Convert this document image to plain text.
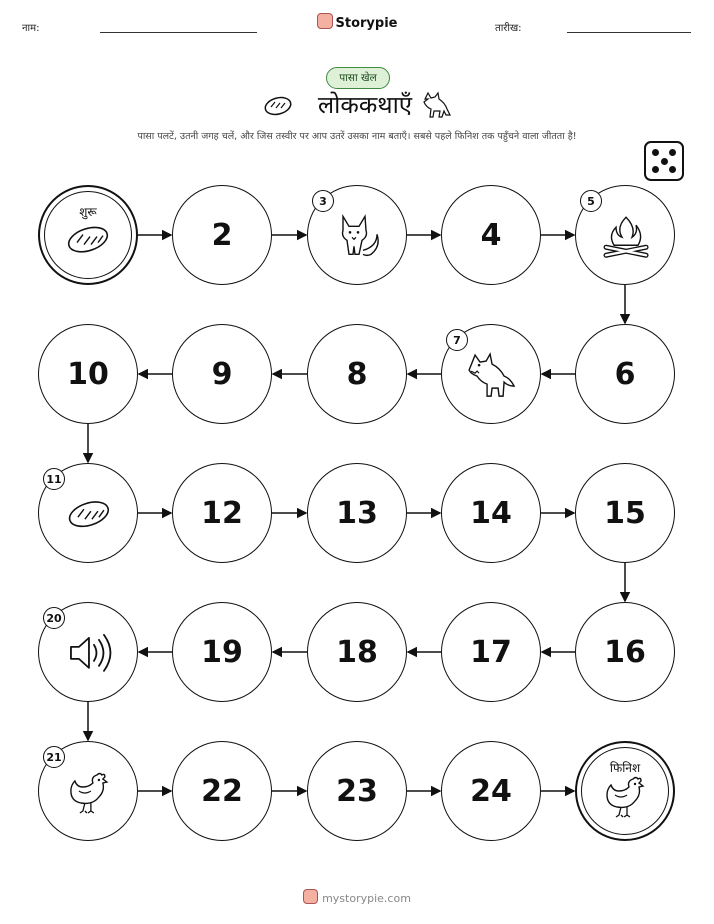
नाम:	Storypie	तारीख:
पासा खेल
लोककथाएँ
पासा पलटें, उतनी जगह चलें, और जिस तस्वीर पर आप उतरें उसका नाम बताएँ। सबसे पहले फिनिश तक पहुँचने वाला जीतता है!
शुरू
2
3
4
5
6
7
8
9
10
11
12	13	14	15
16
17
18
19
20
21
22	23	24
फिनिश
mystorypie.com
